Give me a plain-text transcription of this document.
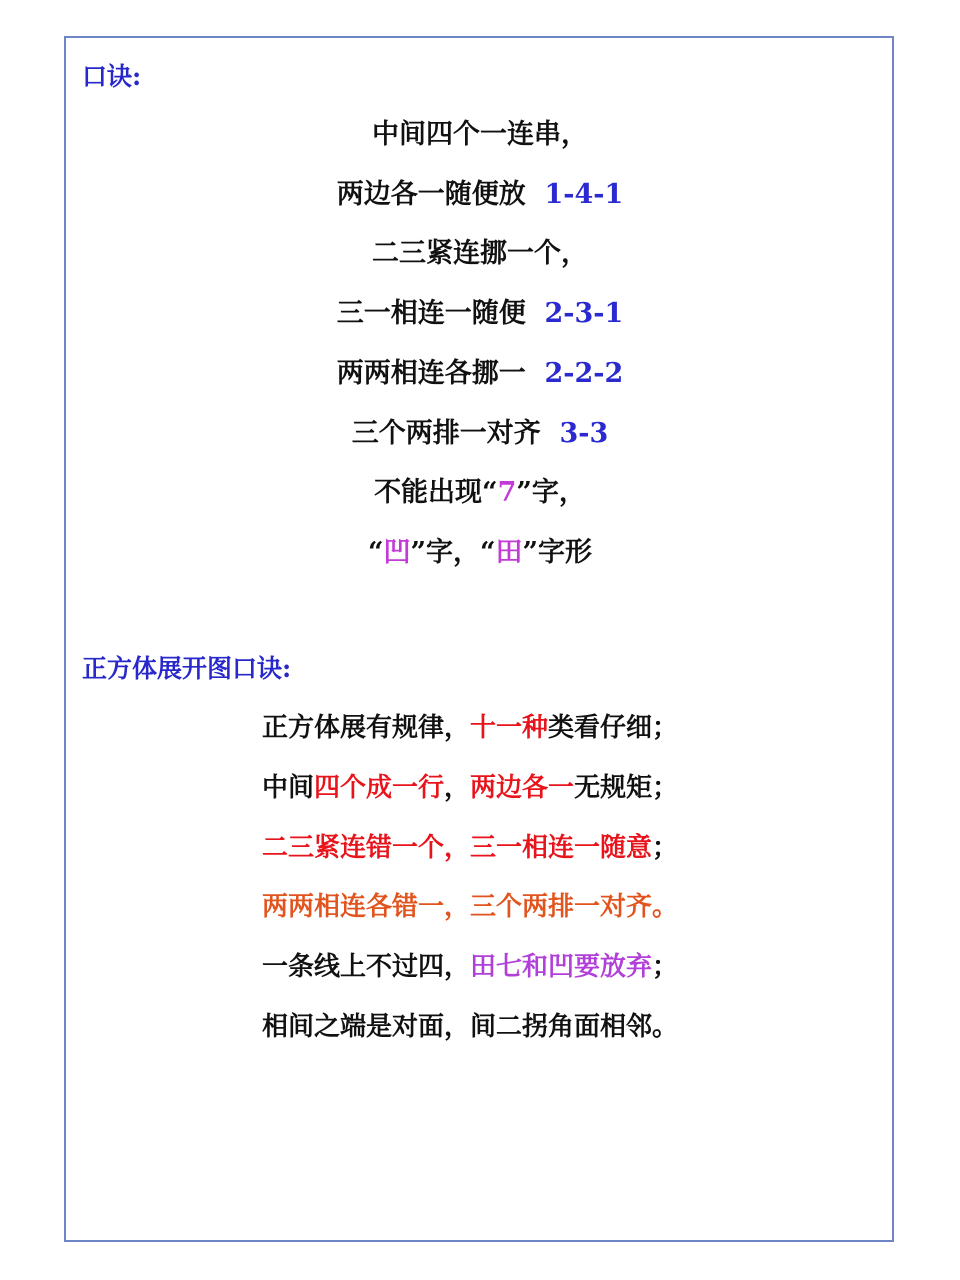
口诀:
中间四个一连串，
两边各一随便放  1-4-1
二三紧连挪一个，
三一相连一随便  2-3-1
两两相连各挪一  2-2-2
三个两排一对齐  3-3
不能出现“7”字，
“凹”字，“田”字形
正方体展开图口诀:
正方体展有规律，十一种类看仔细；
中间四个成一行，两边各一无规矩；
二三紧连错一个，三一相连一随意；
两两相连各错一，三个两排一对齐。
一条线上不过四，田七和凹要放弃；
相间之端是对面，间二拐角面相邻。
